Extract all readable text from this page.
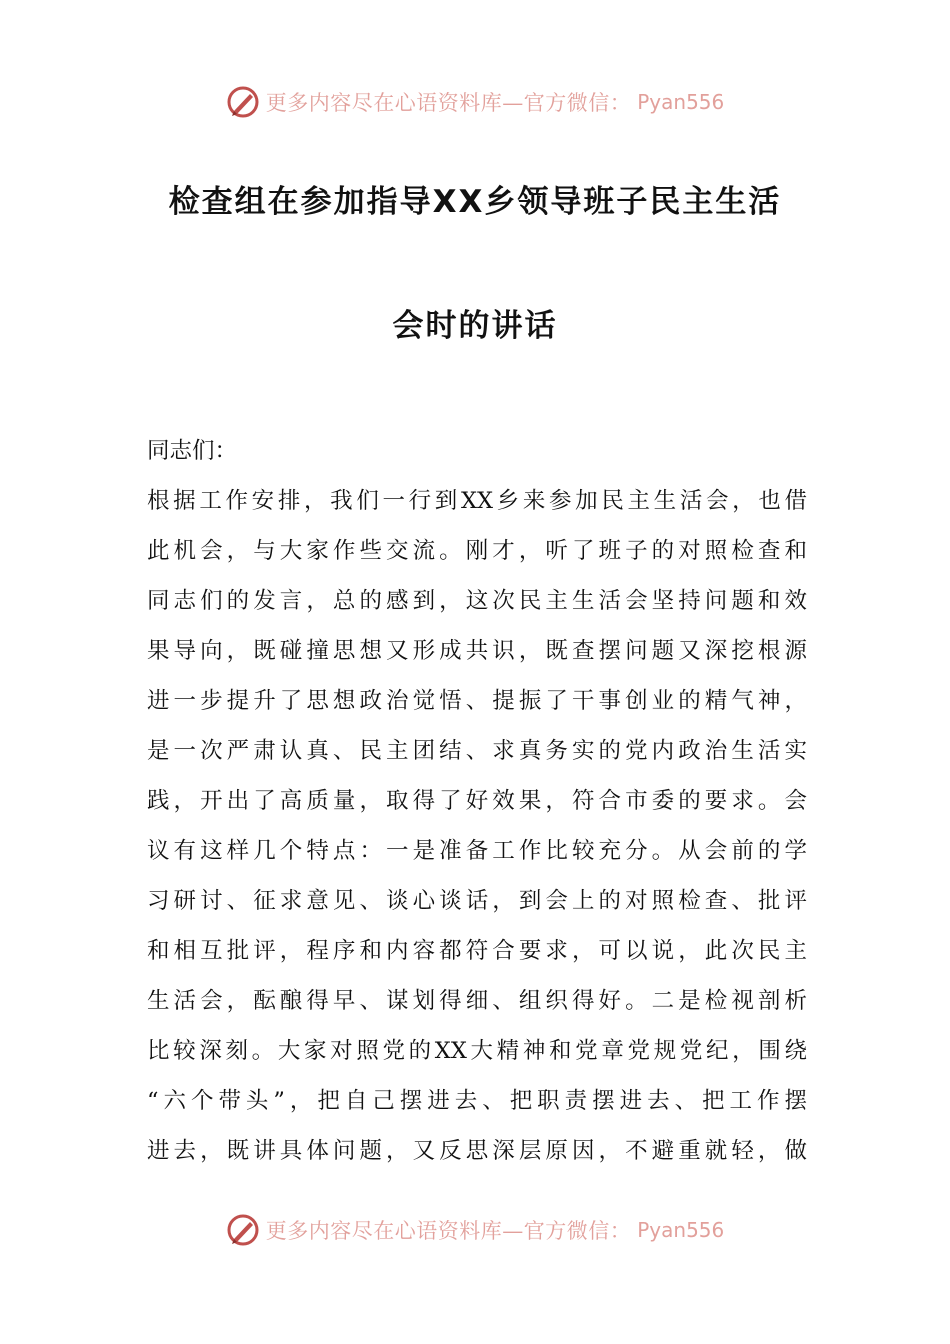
更多内容尽在心语资料库—官方微信： Pyan556
检查组在参加指导XX乡领导班子民主生活
会时的讲话
同志们：
根据工作安排，我们一行到XX乡来参加民主生活会，也借
此机会，与大家作些交流。刚才，听了班子的对照检查和
同志们的发言，总的感到，这次民主生活会坚持问题和效
果导向，既碰撞思想又形成共识，既查摆问题又深挖根源
进一步提升了思想政治觉悟、提振了干事创业的精气神，
是一次严肃认真、民主团结、求真务实的党内政治生活实
践，开出了高质量，取得了好效果，符合市委的要求。会
议有这样几个特点：一是准备工作比较充分。从会前的学
习研讨、征求意见、谈心谈话，到会上的对照检查、批评
和相互批评，程序和内容都符合要求，可以说，此次民主
生活会，酝酿得早、谋划得细、组织得好。二是检视剖析
比较深刻。大家对照党的XX大精神和党章党规党纪，围绕
“六个带头”，把自己摆进去、把职责摆进去、把工作摆
进去，既讲具体问题，又反思深层原因，不避重就轻，做
更多内容尽在心语资料库—官方微信： Pyan556
